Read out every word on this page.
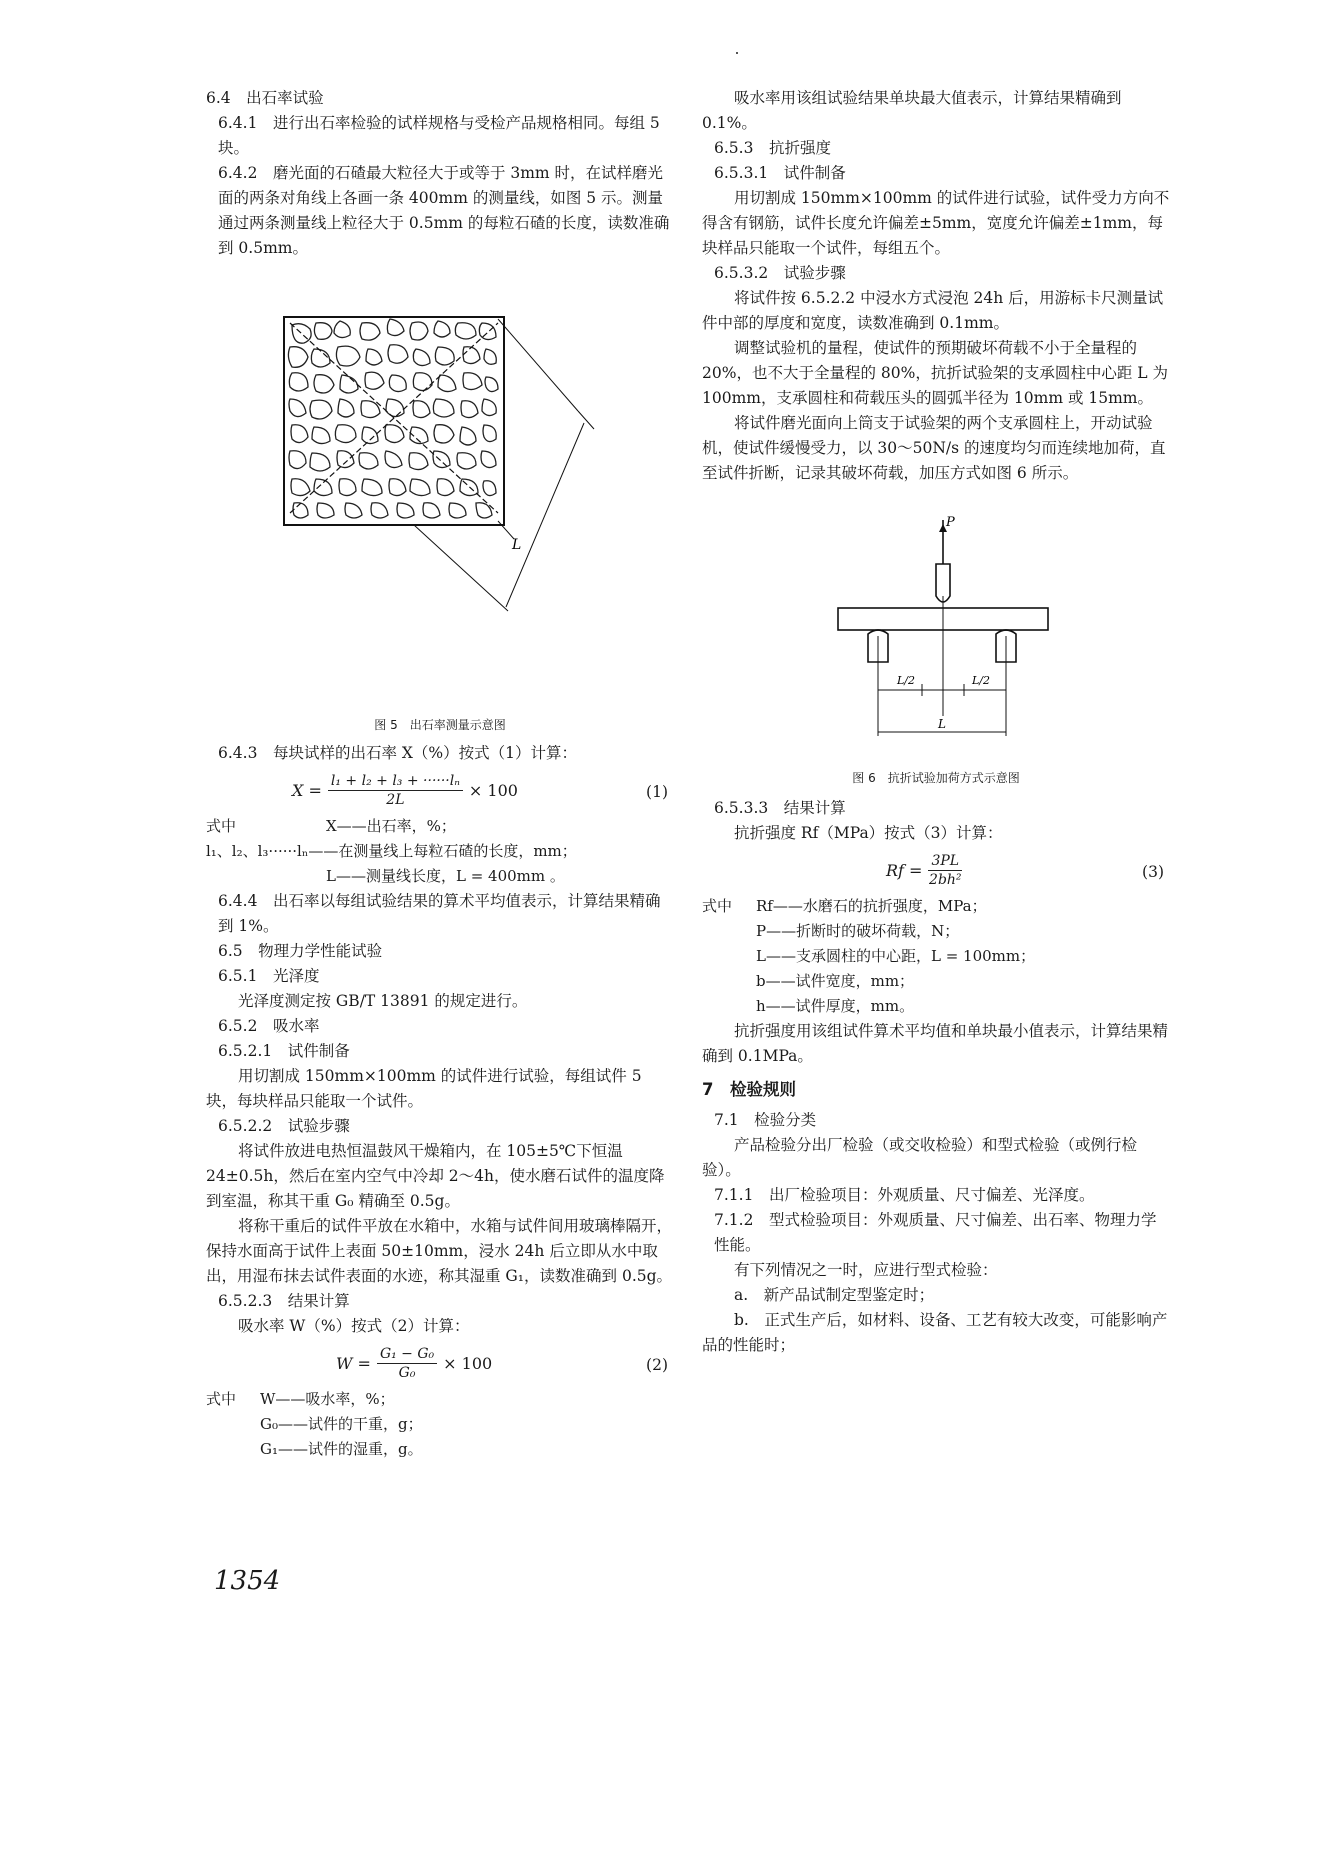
6.4　出石率试验

6.4.1　进行出石率检验的试样规格与受检产品规格相同。每组 5 块。

6.4.2　磨光面的石碴最大粒径大于或等于 3mm 时，在试样磨光面的两条对角线上各画一条 400mm 的测量线，如图 5 示。测量通过两条测量线上粒径大于 0.5mm 的每粒石碴的长度，读数准确到 0.5mm。

L
图 5　出石率测量示意图

6.4.3　每块试样的出石率 X（%）按式（1）计算：

$X = \frac{\text{l₁ + l₂ + l₃ + ······lₙ}}{2L} \times 100$	(1)
式中	X——出石率，%；
l₁、l₂、l₃······lₙ——在测量线上每粒石碴的长度，mm；
L——测量线长度，L = 400mm 。

6.4.4　出石率以每组试验结果的算术平均值表示，计算结果精确到 1%。

6.5　物理力学性能试验

6.5.1　光泽度

光泽度测定按 GB/T 13891 的规定进行。

6.5.2　吸水率

6.5.2.1　试件制备

用切割成 150mm×100mm 的试件进行试验，每组试件 5 块，每块样品只能取一个试件。

6.5.2.2　试验步骤

将试件放进电热恒温鼓风干燥箱内，在 105±5℃下恒温 24±0.5h，然后在室内空气中冷却 2～4h，使水磨石试件的温度降到室温，称其干重 G₀ 精确至 0.5g。

将称干重后的试件平放在水箱中，水箱与试件间用玻璃棒隔开，保持水面高于试件上表面 50±10mm，浸水 24h 后立即从水中取出，用湿布抹去试件表面的水迹，称其湿重 G₁，读数准确到 0.5g。

6.5.2.3　结果计算

吸水率 W（%）按式（2）计算：

$W = \frac{\text{G₁ − G₀}}{\text{G₀}} \times 100$	(2)
式中	W——吸水率，%；
G₀——试件的干重，g；
G₁——试件的湿重，g。
1354

吸水率用该组试验结果单块最大值表示，计算结果精确到 0.1%。

6.5.3　抗折强度

6.5.3.1　试件制备

用切割成 150mm×100mm 的试件进行试验，试件受力方向不得含有钢筋，试件长度允许偏差±5mm，宽度允许偏差±1mm，每块样品只能取一个试件，每组五个。

6.5.3.2　试验步骤

将试件按 6.5.2.2 中浸水方式浸泡 24h 后，用游标卡尺测量试件中部的厚度和宽度，读数准确到 0.1mm。

调整试验机的量程，使试件的预期破坏荷载不小于全量程的 20%，也不大于全量程的 80%，抗折试验架的支承圆柱中心距 L 为 100mm，支承圆柱和荷载压头的圆弧半径为 10mm 或 15mm。

将试件磨光面向上筒支于试验架的两个支承圆柱上，开动试验机，使试件缓慢受力，以 30～50N/s 的速度均匀而连续地加荷，直至试件折断，记录其破坏荷载，加压方式如图 6 所示。

P
L/2	L/2
L
图 6　抗折试验加荷方式示意图

6.5.3.3　结果计算

抗折强度 Rf（MPa）按式（3）计算：

$Rf = \frac{3PL}{\text{2bh²}}$	(3)
式中	Rf——水磨石的抗折强度，MPa；
P——折断时的破坏荷载，N；
L——支承圆柱的中心距，L = 100mm；
b——试件宽度，mm；
h——试件厚度，mm。

抗折强度用该组试件算术平均值和单块最小值表示，计算结果精确到 0.1MPa。

7　检验规则

7.1　检验分类

产品检验分出厂检验（或交收检验）和型式检验（或例行检验）。

7.1.1　出厂检验项目：外观质量、尺寸偏差、光泽度。

7.1.2　型式检验项目：外观质量、尺寸偏差、出石率、物理力学性能。

有下列情况之一时，应进行型式检验：

a.　新产品试制定型鉴定时；

b.　正式生产后，如材料、设备、工艺有较大改变，可能影响产品的性能时；
